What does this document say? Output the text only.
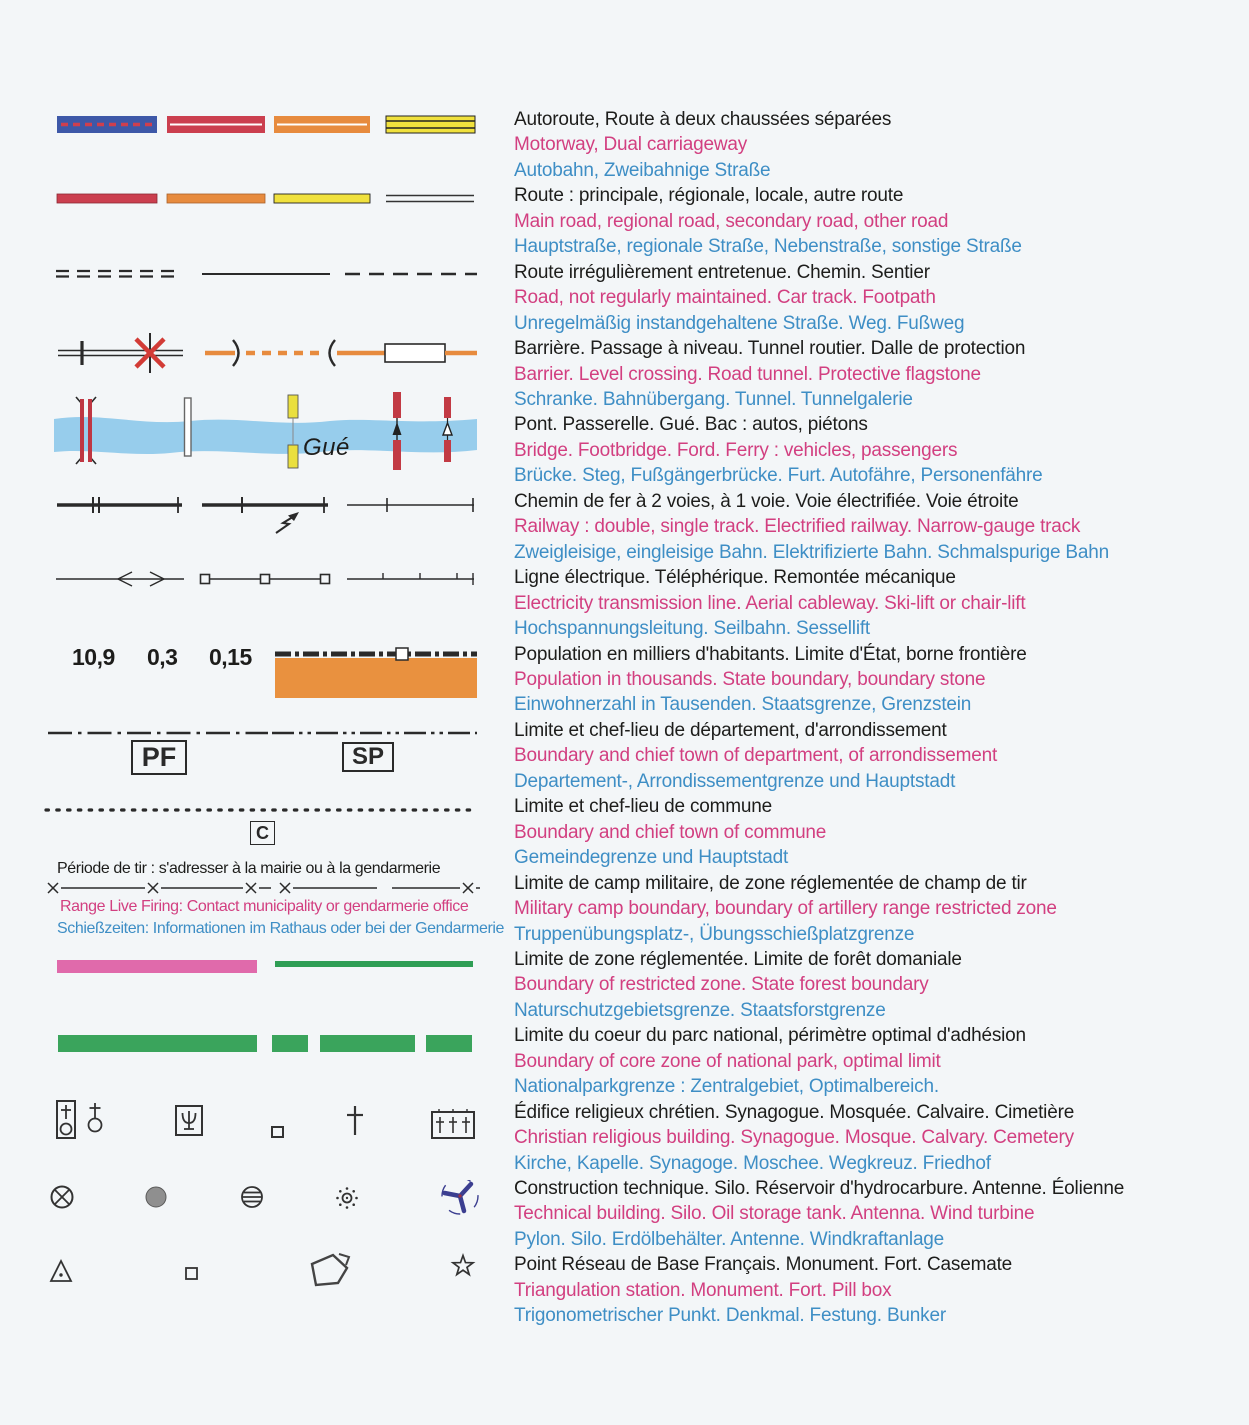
Autoroute, Route à deux chaussées séparées
Motorway, Dual carriageway
Autobahn, Zweibahnige Straße
Route : principale, régionale, locale, autre route
Main road, regional road, secondary road, other road
Hauptstraße, regionale Straße, Nebenstraße, sonstige Straße
Route irrégulièrement entretenue. Chemin. Sentier
Road, not regularly maintained. Car track. Footpath
Unregelmäßig instandgehaltene Straße. Weg. Fußweg
Barrière. Passage à niveau. Tunnel routier. Dalle de protection
Barrier. Level crossing. Road tunnel. Protective flagstone
Schranke. Bahnübergang. Tunnel. Tunnelgalerie
Pont. Passerelle. Gué. Bac : autos, piétons
Bridge. Footbridge. Ford. Ferry : vehicles, passengers
Brücke. Steg, Fußgängerbrücke. Furt. Autofähre, Personenfähre
Chemin de fer à 2 voies, à 1 voie. Voie électrifiée. Voie étroite
Railway : double, single track. Electrified railway. Narrow-gauge track
Zweigleisige, eingleisige Bahn. Elektrifizierte Bahn. Schmalspurige Bahn
Ligne électrique. Téléphérique. Remontée mécanique
Electricity transmission line. Aerial cableway. Ski-lift or chair-lift
Hochspannungsleitung. Seilbahn. Sessellift
Population en milliers d'habitants. Limite d'État, borne frontière
Population in thousands. State boundary, boundary stone
Einwohnerzahl in Tausenden. Staatsgrenze, Grenzstein
Limite et chef-lieu de département, d'arrondissement
Boundary and chief town of department, of arrondissement
Departement-, Arrondissementgrenze und Hauptstadt
Limite et chef-lieu de commune
Boundary and chief town of commune
Gemeindegrenze und Hauptstadt
Limite de camp militaire, de zone réglementée de champ de tir
Military camp boundary, boundary of artillery range restricted zone
Truppenübungsplatz-, Übungsschießplatzgrenze
Limite de zone réglementée. Limite de forêt domaniale
Boundary of restricted zone. State forest boundary
Naturschutzgebietsgrenze. Staatsforstgrenze
Limite du coeur du parc national, périmètre optimal d'adhésion
Boundary of core zone of national park, optimal limit
Nationalparkgrenze : Zentralgebiet, Optimalbereich.
Édifice religieux chrétien. Synagogue. Mosquée. Calvaire. Cimetière
Christian religious building. Synagogue. Mosque. Calvary. Cemetery
Kirche, Kapelle. Synagoge. Moschee. Wegkreuz. Friedhof
Construction technique. Silo. Réservoir d'hydrocarbure. Antenne. Éolienne
Technical building. Silo. Oil storage tank. Antenna. Wind turbine
Pylon. Silo. Erdölbehälter. Antenne. Windkraftanlage
Point Réseau de Base Français. Monument. Fort. Casemate
Triangulation station. Monument. Fort. Pill box
Trigonometrischer Punkt. Denkmal. Festung. Bunker
Gué
10,9 0,3 0,15
PF	SP
C
Période de tir : s'adresser à la mairie ou à la gendarmerie
Range Live Firing: Contact municipality or gendarmerie office
Schießzeiten: Informationen im Rathaus oder bei der Gendarmerie
